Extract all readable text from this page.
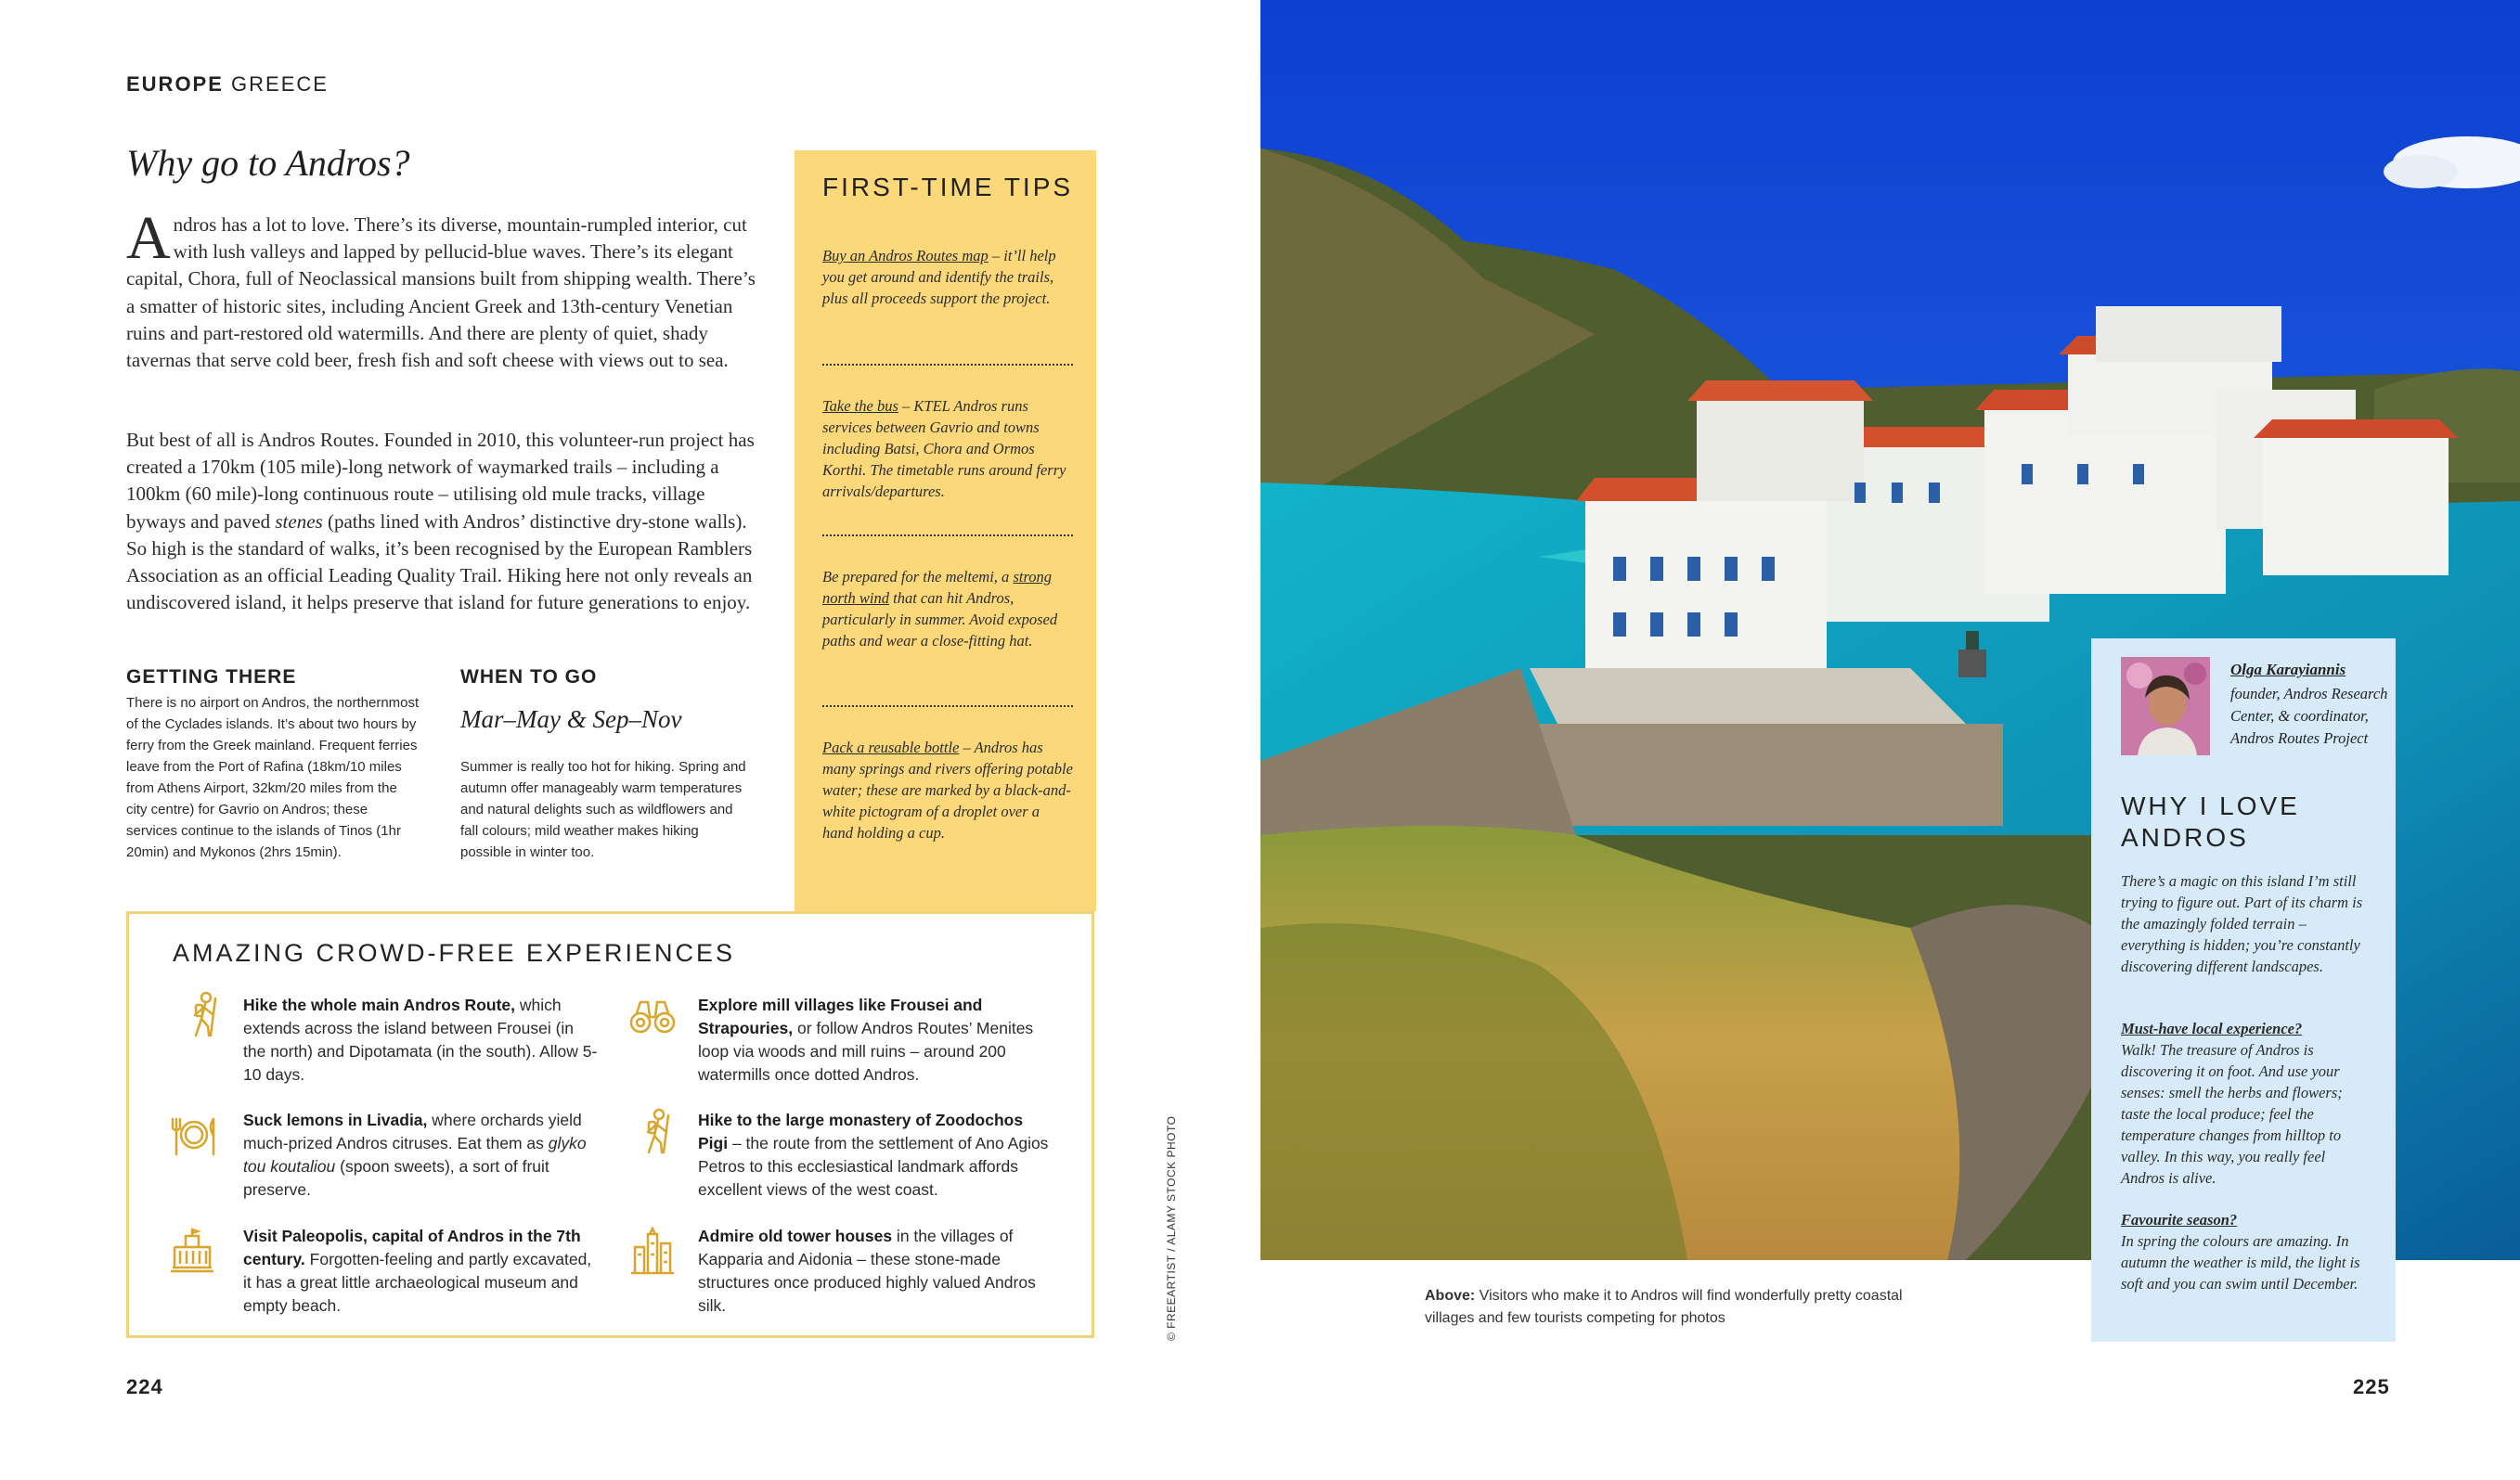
EUROPE GREECE
Why go to Andros?
Andros has a lot to love. There’s its diverse, mountain-rumpled interior, cut with lush valleys and lapped by pellucid-blue waves. There’s its elegant capital, Chora, full of Neoclassical mansions built from shipping wealth. There’s a smatter of historic sites, including Ancient Greek and 13th-century Venetian ruins and part-restored old watermills. And there are plenty of quiet, shady tavernas that serve cold beer, fresh fish and soft cheese with views out to sea.
But best of all is Andros Routes. Founded in 2010, this volunteer-run project has created a 170km (105 mile)-long network of waymarked trails – including a 100km (60 mile)-long continuous route – utilising old mule tracks, village byways and paved stenes (paths lined with Andros’ distinctive dry-stone walls). So high is the standard of walks, it’s been recognised by the European Ramblers Association as an official Leading Quality Trail. Hiking here not only reveals an undiscovered island, it helps preserve that island for future generations to enjoy.
GETTING THERE
There is no airport on Andros, the northernmost of the Cyclades islands. It’s about two hours by ferry from the Greek mainland. Frequent ferries leave from the Port of Rafina (18km/10 miles from Athens Airport, 32km/20 miles from the city centre) for Gavrio on Andros; these services continue to the islands of Tinos (1hr 20min) and Mykonos (2hrs 15min).
WHEN TO GO
Mar–May & Sep–Nov
Summer is really too hot for hiking. Spring and autumn offer manageably warm temperatures and natural delights such as wildflowers and fall colours; mild weather makes hiking possible in winter too.
FIRST-TIME TIPS
Buy an Andros Routes map – it’ll help you get around and identify the trails, plus all proceeds support the project.
Take the bus – KTEL Andros runs services between Gavrio and towns including Batsi, Chora and Ormos Korthi. The timetable runs around ferry arrivals/departures.
Be prepared for the meltemi, a strong north wind that can hit Andros, particularly in summer. Avoid exposed paths and wear a close-fitting hat.
Pack a reusable bottle – Andros has many springs and rivers offering potable water; these are marked by a black-and-white pictogram of a droplet over a hand holding a cup.
AMAZING CROWD-FREE EXPERIENCES
Hike the whole main Andros Route, which extends across the island between Frousei (in the north) and Dipotamata (in the south). Allow 5-10 days.
Explore mill villages like Frousei and Strapouries, or follow Andros Routes’ Menites loop via woods and mill ruins – around 200 watermills once dotted Andros.
Suck lemons in Livadia, where orchards yield much-prized Andros citruses. Eat them as glyko tou koutaliou (spoon sweets), a sort of fruit preserve.
Hike to the large monastery of Zoodochos Pigi – the route from the settlement of Ano Agios Petros to this ecclesiastical landmark affords excellent views of the west coast.
Visit Paleopolis, capital of Andros in the 7th century. Forgotten-feeling and partly excavated, it has a great little archaeological museum and empty beach.
Admire old tower houses in the villages of Kapparia and Aidonia – these stone-made structures once produced highly valued Andros silk.
224
© FREEARTIST / ALAMY STOCK PHOTO	Above: Visitors who make it to Andros will find wonderfully pretty coastal villages and few tourists competing for photos
225
Olga Karayiannis
founder, Andros Research Center, & coordinator, Andros Routes Project
WHY I LOVE ANDROS
There’s a magic on this island I’m still trying to figure out. Part of its charm is the amazingly folded terrain – everything is hidden; you’re constantly discovering different landscapes.
Must-have local experience?
Walk! The treasure of Andros is discovering it on foot. And use your senses: smell the herbs and flowers; taste the local produce; feel the temperature changes from hilltop to valley. In this way, you really feel Andros is alive.
Favourite season?
In spring the colours are amazing. In autumn the weather is mild, the light is soft and you can swim until December.
